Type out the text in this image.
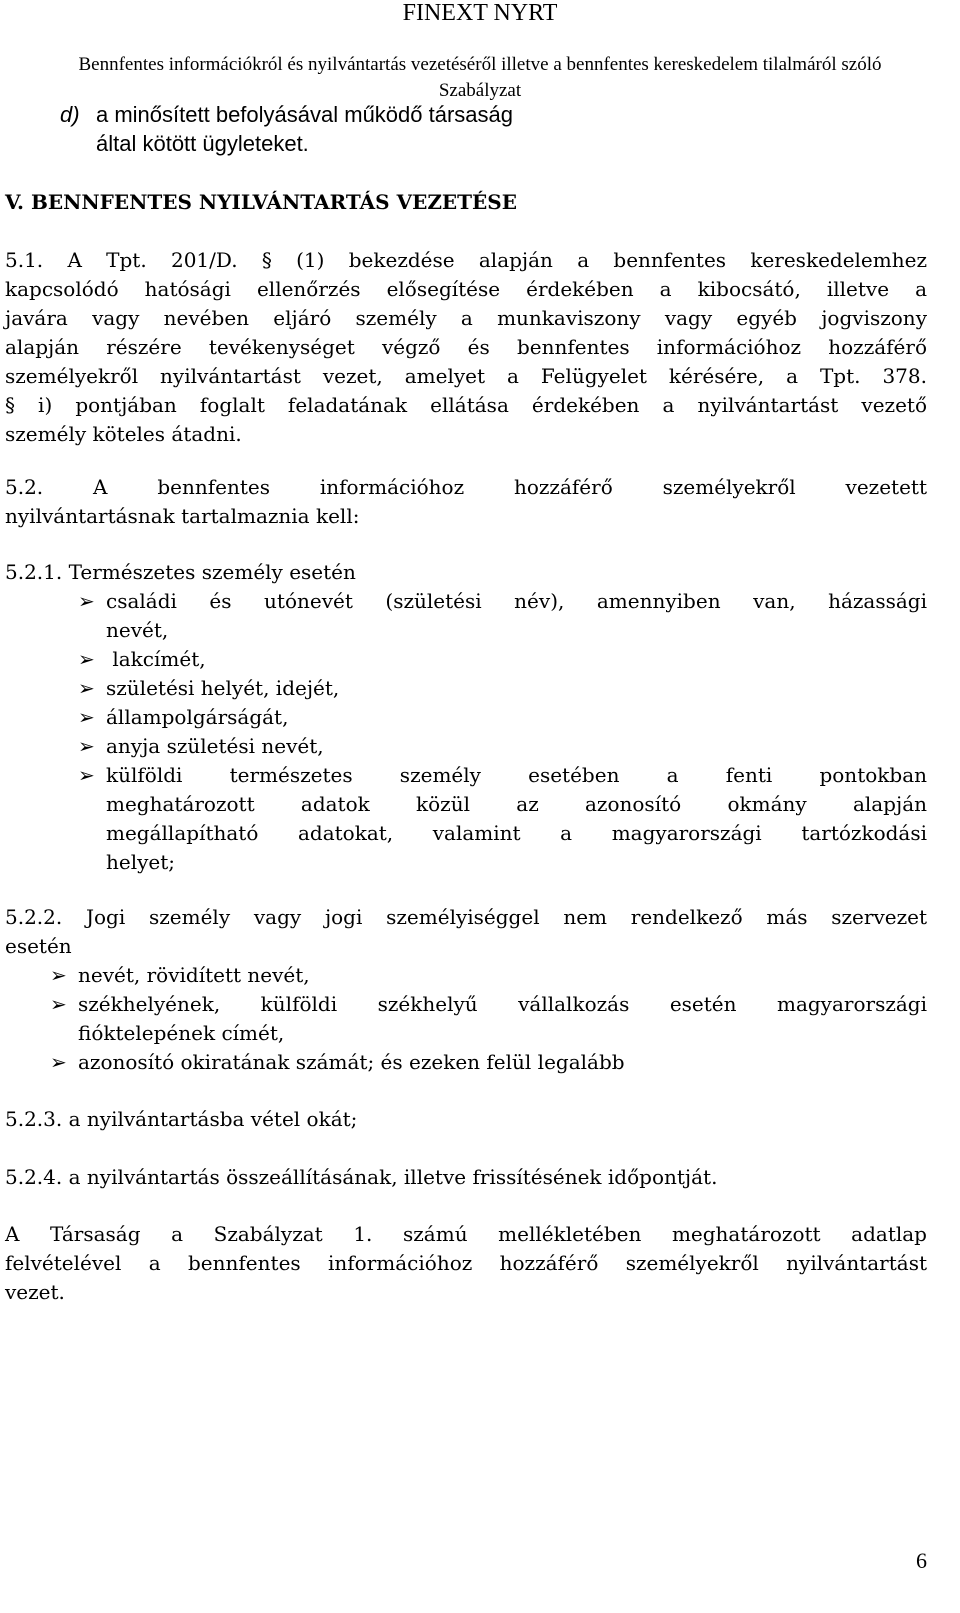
FINEXT NYRT
Bennfentes információkról és nyilvántartás vezetéséről illetve a bennfentes kereskedelem tilalmáról szóló
Szabályzat
d) a minősített befolyásával működő társaság
által kötött ügyleteket.
V. BENNFENTES NYILVÁNTARTÁS VEZETÉSE
5.1. A Tpt. 201/D. § (1) bekezdése alapján a bennfentes kereskedelemhez
kapcsolódó hatósági ellenőrzés elősegítése érdekében a kibocsátó, illetve a
javára vagy nevében eljáró személy a munkaviszony vagy egyéb jogviszony
alapján részére tevékenységet végző és bennfentes információhoz hozzáférő
személyekről nyilvántartást vezet, amelyet a Felügyelet kérésére, a Tpt. 378.
§ i) pontjában foglalt feladatának ellátása érdekében a nyilvántartást vezető
személy köteles átadni.
5.2. A bennfentes információhoz hozzáférő személyekről vezetett
nyilvántartásnak tartalmaznia kell:
5.2.1. Természetes személy esetén
➢ családi és utónevét (születési név), amennyiben van, házassági
nevét,
➢ lakcímét,
➢ születési helyét, idejét,
➢ állampolgárságát,
➢ anyja születési nevét,
➢ külföldi természetes személy esetében a fenti pontokban
meghatározott adatok közül az azonosító okmány alapján
megállapítható adatokat, valamint a magyarországi tartózkodási
helyet;
5.2.2. Jogi személy vagy jogi személyiséggel nem rendelkező más szervezet
esetén
➢ nevét, rövidített nevét,
➢ székhelyének, külföldi székhelyű vállalkozás esetén magyarországi
fióktelepének címét,
➢ azonosító okiratának számát; és ezeken felül legalább
5.2.3. a nyilvántartásba vétel okát;
5.2.4. a nyilvántartás összeállításának, illetve frissítésének időpontját.
A Társaság a Szabályzat 1. számú mellékletében meghatározott adatlap
felvételével a bennfentes információhoz hozzáférő személyekről nyilvántartást
vezet.
6
